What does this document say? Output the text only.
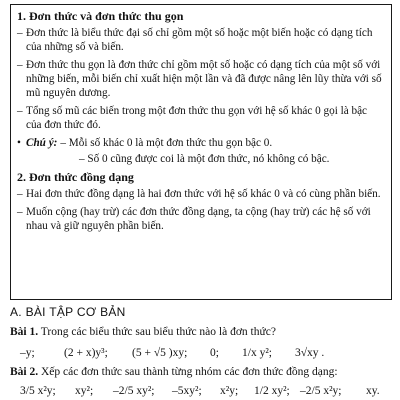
1. Đơn thức và đơn thức thu gọn
– Đơn thức là biểu thức đại số chỉ gồm một số hoặc một biến hoặc có dạng tích của những số và biến.
– Đơn thức thu gọn là đơn thức chỉ gồm một số hoặc có dạng tích của một số với những biến, mỗi biến chỉ xuất hiện một lần và đã được nâng lên lũy thừa với số mũ nguyên dương.
– Tổng số mũ các biến trong một đơn thức thu gọn với hệ số khác 0 gọi là bậc của đơn thức đó.
• Chú ý: – Mỗi số khác 0 là một đơn thức thu gọn bậc 0.
– Số 0 cũng được coi là một đơn thức, nó không có bậc.
2. Đơn thức đồng dạng
– Hai đơn thức đồng dạng là hai đơn thức với hệ số khác 0 và có cùng phần biến.
– Muốn cộng (hay trừ) các đơn thức đồng dạng, ta cộng (hay trừ) các hệ số với nhau và giữ nguyên phần biến.
A. BÀI TẬP CƠ BẢN
Bài 1. Trong các biểu thức sau biểu thức nào là đơn thức?
–y;	(2 + x)y³; (5 + √5 )xy; 0; 1/x y²; 3√xy .
Bài 2. Xếp các đơn thức sau thành từng nhóm các đơn thức đồng dạng:
3/5 x²y; xy²; –2/5 xy²; –5xy²; x²y; 1/2 xy²; –2/5 x²y; xy.
